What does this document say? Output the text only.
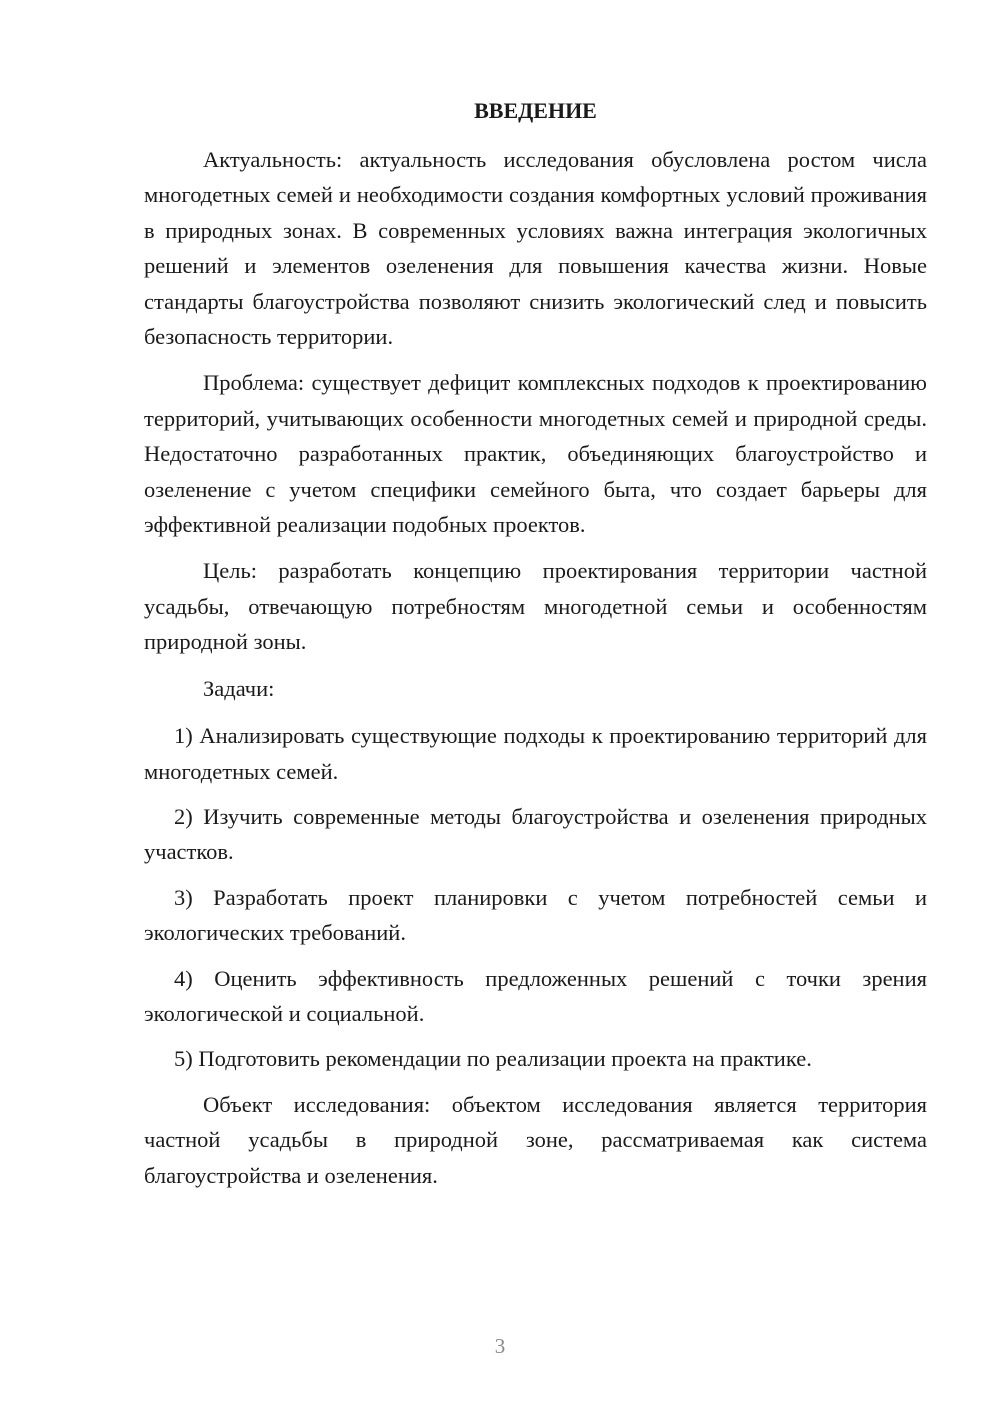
ВВЕДЕНИЕ

Актуальность: актуальность исследования обусловлена ростом числа многодетных семей и необходимости создания комфортных условий проживания в природных зонах. В современных условиях важна интеграция экологичных решений и элементов озеленения для повышения качества жизни. Новые стандарты благоустройства позволяют снизить экологический след и повысить безопасность территории.

Проблема: существует дефицит комплексных подходов к проектированию территорий, учитывающих особенности многодетных семей и природной среды. Недостаточно разработанных практик, объединяющих благоустройство и озеленение с учетом специфики семейного быта, что создает барьеры для эффективной реализации подобных проектов.

Цель: разработать концепцию проектирования территории частной усадьбы, отвечающую потребностям многодетной семьи и особенностям природной зоны.

Задачи:

1) Анализировать существующие подходы к проектированию территорий для многодетных семей.

2) Изучить современные методы благоустройства и озеленения природных участков.

3) Разработать проект планировки с учетом потребностей семьи и экологических требований.

4) Оценить эффективность предложенных решений с точки зрения экологической и социальной.

5) Подготовить рекомендации по реализации проекта на практике.

Объект исследования: объектом исследования является территория частной усадьбы в природной зоне, рассматриваемая как система благоустройства и озеленения.

3
